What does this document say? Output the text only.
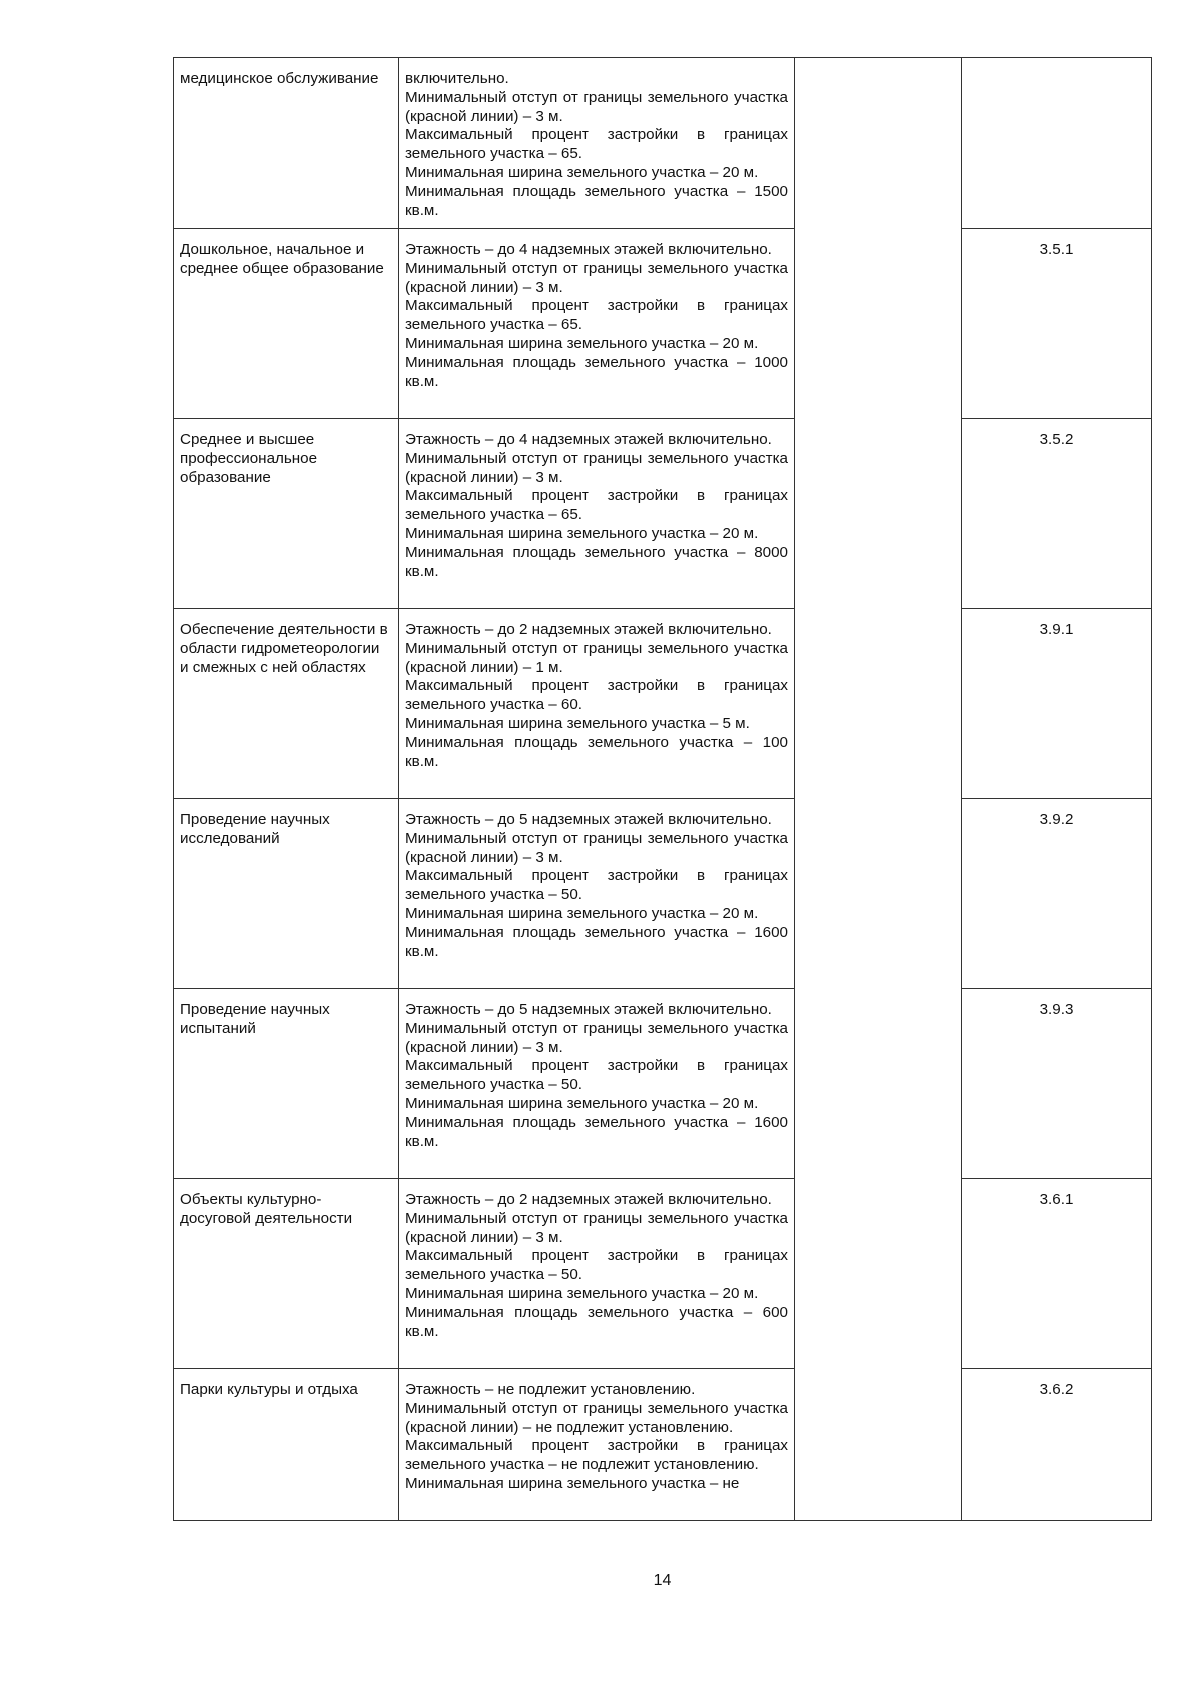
медицинское обслуживание	включительно.
Минимальный отступ от границы земельного участка (красной линии) – 3 м.
Максимальный процент застройки в границах земельного участка – 65.
Минимальная ширина земельного участка – 20 м.
Минимальная площадь земельного участка – 1500 кв.м.		

Дошкольное, начальное и среднее общее образование	Этажность – до 4 надземных этажей включительно.
Минимальный отступ от границы земельного участка (красной линии) – 3 м.
Максимальный процент застройки в границах земельного участка – 65.
Минимальная ширина земельного участка – 20 м.
Минимальная площадь земельного участка – 1000 кв.м.		3.5.1

Среднее и высшее профессиональное образование	Этажность – до 4 надземных этажей включительно.
Минимальный отступ от границы земельного участка (красной линии) – 3 м.
Максимальный процент застройки в границах земельного участка – 65.
Минимальная ширина земельного участка – 20 м.
Минимальная площадь земельного участка – 8000 кв.м.		3.5.2

Обеспечение деятельности в области гидрометеорологии и смежных с ней областях	Этажность – до 2 надземных этажей включительно.
Минимальный отступ от границы земельного участка (красной линии) – 1 м.
Максимальный процент застройки в границах земельного участка – 60.
Минимальная ширина земельного участка – 5 м.
Минимальная площадь земельного участка – 100 кв.м.		3.9.1

Проведение научных исследований	Этажность – до 5 надземных этажей включительно.
Минимальный отступ от границы земельного участка (красной линии) – 3 м.
Максимальный процент застройки в границах земельного участка – 50.
Минимальная ширина земельного участка – 20 м.
Минимальная площадь земельного участка – 1600 кв.м.		3.9.2

Проведение научных испытаний	Этажность – до 5 надземных этажей включительно.
Минимальный отступ от границы земельного участка (красной линии) – 3 м.
Максимальный процент застройки в границах земельного участка – 50.
Минимальная ширина земельного участка – 20 м.
Минимальная площадь земельного участка – 1600 кв.м.		3.9.3

Объекты культурно-досуговой деятельности	Этажность – до 2 надземных этажей включительно.
Минимальный отступ от границы земельного участка (красной линии) – 3 м.
Максимальный процент застройки в границах земельного участка – 50.
Минимальная ширина земельного участка – 20 м.
Минимальная площадь земельного участка – 600 кв.м.		3.6.1

Парки культуры и отдыха	Этажность – не подлежит установлению.
Минимальный отступ от границы земельного участка (красной линии) – не подлежит установлению.
Максимальный процент застройки в границах земельного участка – не подлежит установлению.
Минимальная ширина земельного участка – не		3.6.2
14
